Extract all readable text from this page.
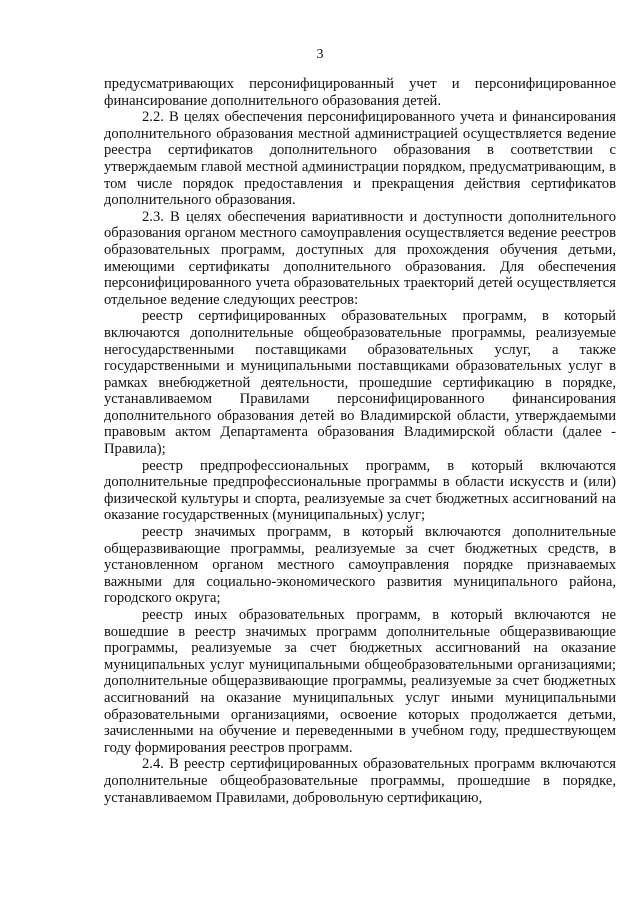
3

предусматривающих персонифицированный учет и персонифицированное финансирование дополнительного образования детей.

2.2. В целях обеспечения персонифицированного учета и финансирования дополнительного образования местной администрацией осуществляется ведение реестра сертификатов дополнительного образования в соответствии с утверждаемым главой местной администрации порядком, предусматривающим, в том числе порядок предоставления и прекращения действия сертификатов дополнительного образования.

2.3. В целях обеспечения вариативности и доступности дополнительного образования органом местного самоуправления осуществляется ведение реестров образовательных программ, доступных для прохождения обучения детьми, имеющими сертификаты дополнительного образования. Для обеспечения персонифицированного учета образовательных траекторий детей осуществляется отдельное ведение следующих реестров:

реестр сертифицированных образовательных программ, в который включаются дополнительные общеобразовательные программы, реализуемые негосударственными поставщиками образовательных услуг, а также государственными и муниципальными поставщиками образовательных услуг в рамках внебюджетной деятельности, прошедшие сертификацию в порядке, устанавливаемом Правилами персонифицированного финансирования дополнительного образования детей во Владимирской области, утверждаемыми правовым актом Департамента образования Владимирской области (далее - Правила);

реестр предпрофессиональных программ, в который включаются дополнительные предпрофессиональные программы в области искусств и (или) физической культуры и спорта, реализуемые за счет бюджетных ассигнований на оказание государственных (муниципальных) услуг;

реестр значимых программ, в который включаются дополнительные общеразвивающие программы, реализуемые за счет бюджетных средств, в установленном органом местного самоуправления порядке признаваемых важными для социально-экономического развития муниципального района, городского округа;

реестр иных образовательных программ, в который включаются не вошедшие в реестр значимых программ дополнительные общеразвивающие программы, реализуемые за счет бюджетных ассигнований на оказание муниципальных услуг муниципальными общеобразовательными организациями; дополнительные общеразвивающие программы, реализуемые за счет бюджетных ассигнований на оказание муниципальных услуг иными муниципальными образовательными организациями, освоение которых продолжается детьми, зачисленными на обучение и переведенными в учебном году, предшествующем году формирования реестров программ.

2.4. В реестр сертифицированных образовательных программ включаются дополнительные общеобразовательные программы, прошедшие в порядке, устанавливаемом Правилами, добровольную сертификацию,
